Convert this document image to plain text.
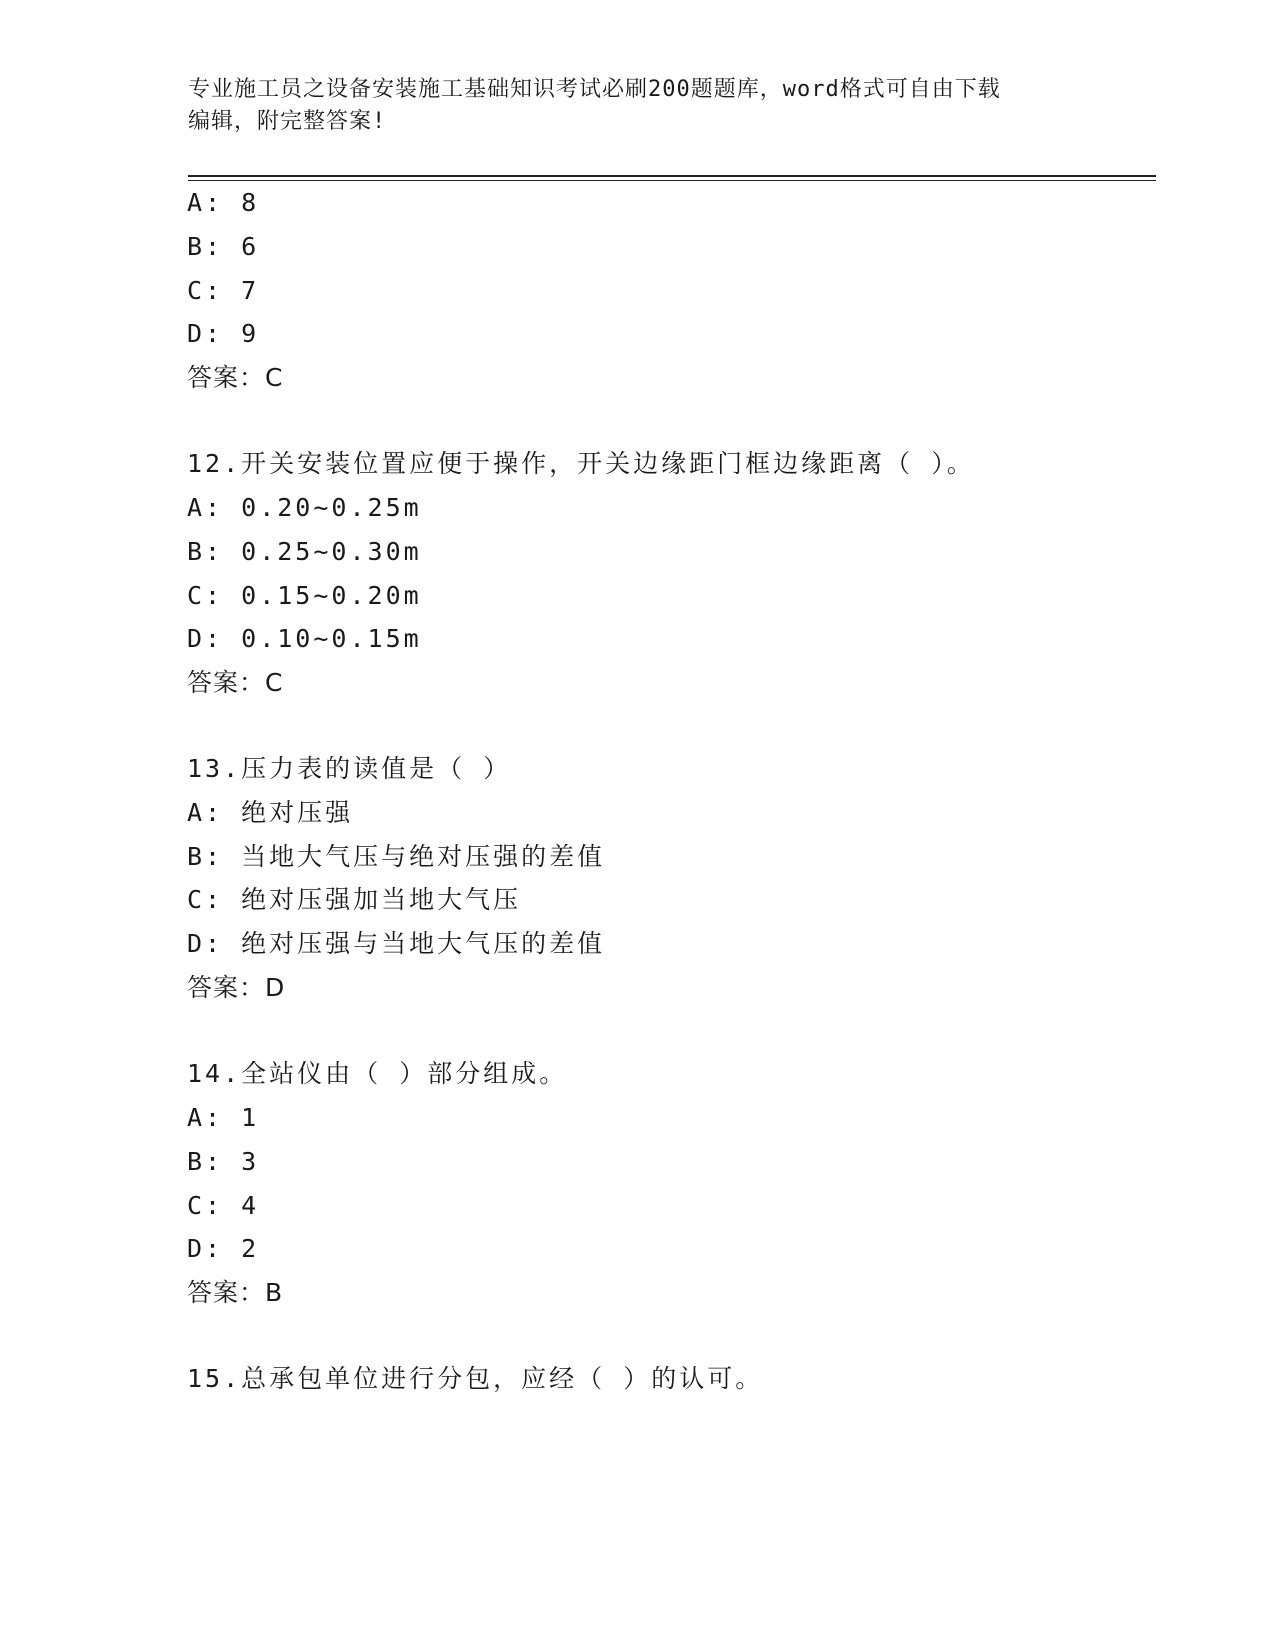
专业施工员之设备安装施工基础知识考试必刷200题题库，word格式可自由下载
编辑，附完整答案!
A: 8
B: 6
C: 7
D: 9
答案：C
12.开关安装位置应便于操作，开关边缘距门框边缘距离（ ）。
A: 0.20~0.25m
B: 0.25~0.30m
C: 0.15~0.20m
D: 0.10~0.15m
答案：C
13.压力表的读值是（ ）
A: 绝对压强
B: 当地大气压与绝对压强的差值
C: 绝对压强加当地大气压
D: 绝对压强与当地大气压的差值
答案：D
14.全站仪由（ ）部分组成。
A: 1
B: 3
C: 4
D: 2
答案：B
15.总承包单位进行分包，应经（ ）的认可。
